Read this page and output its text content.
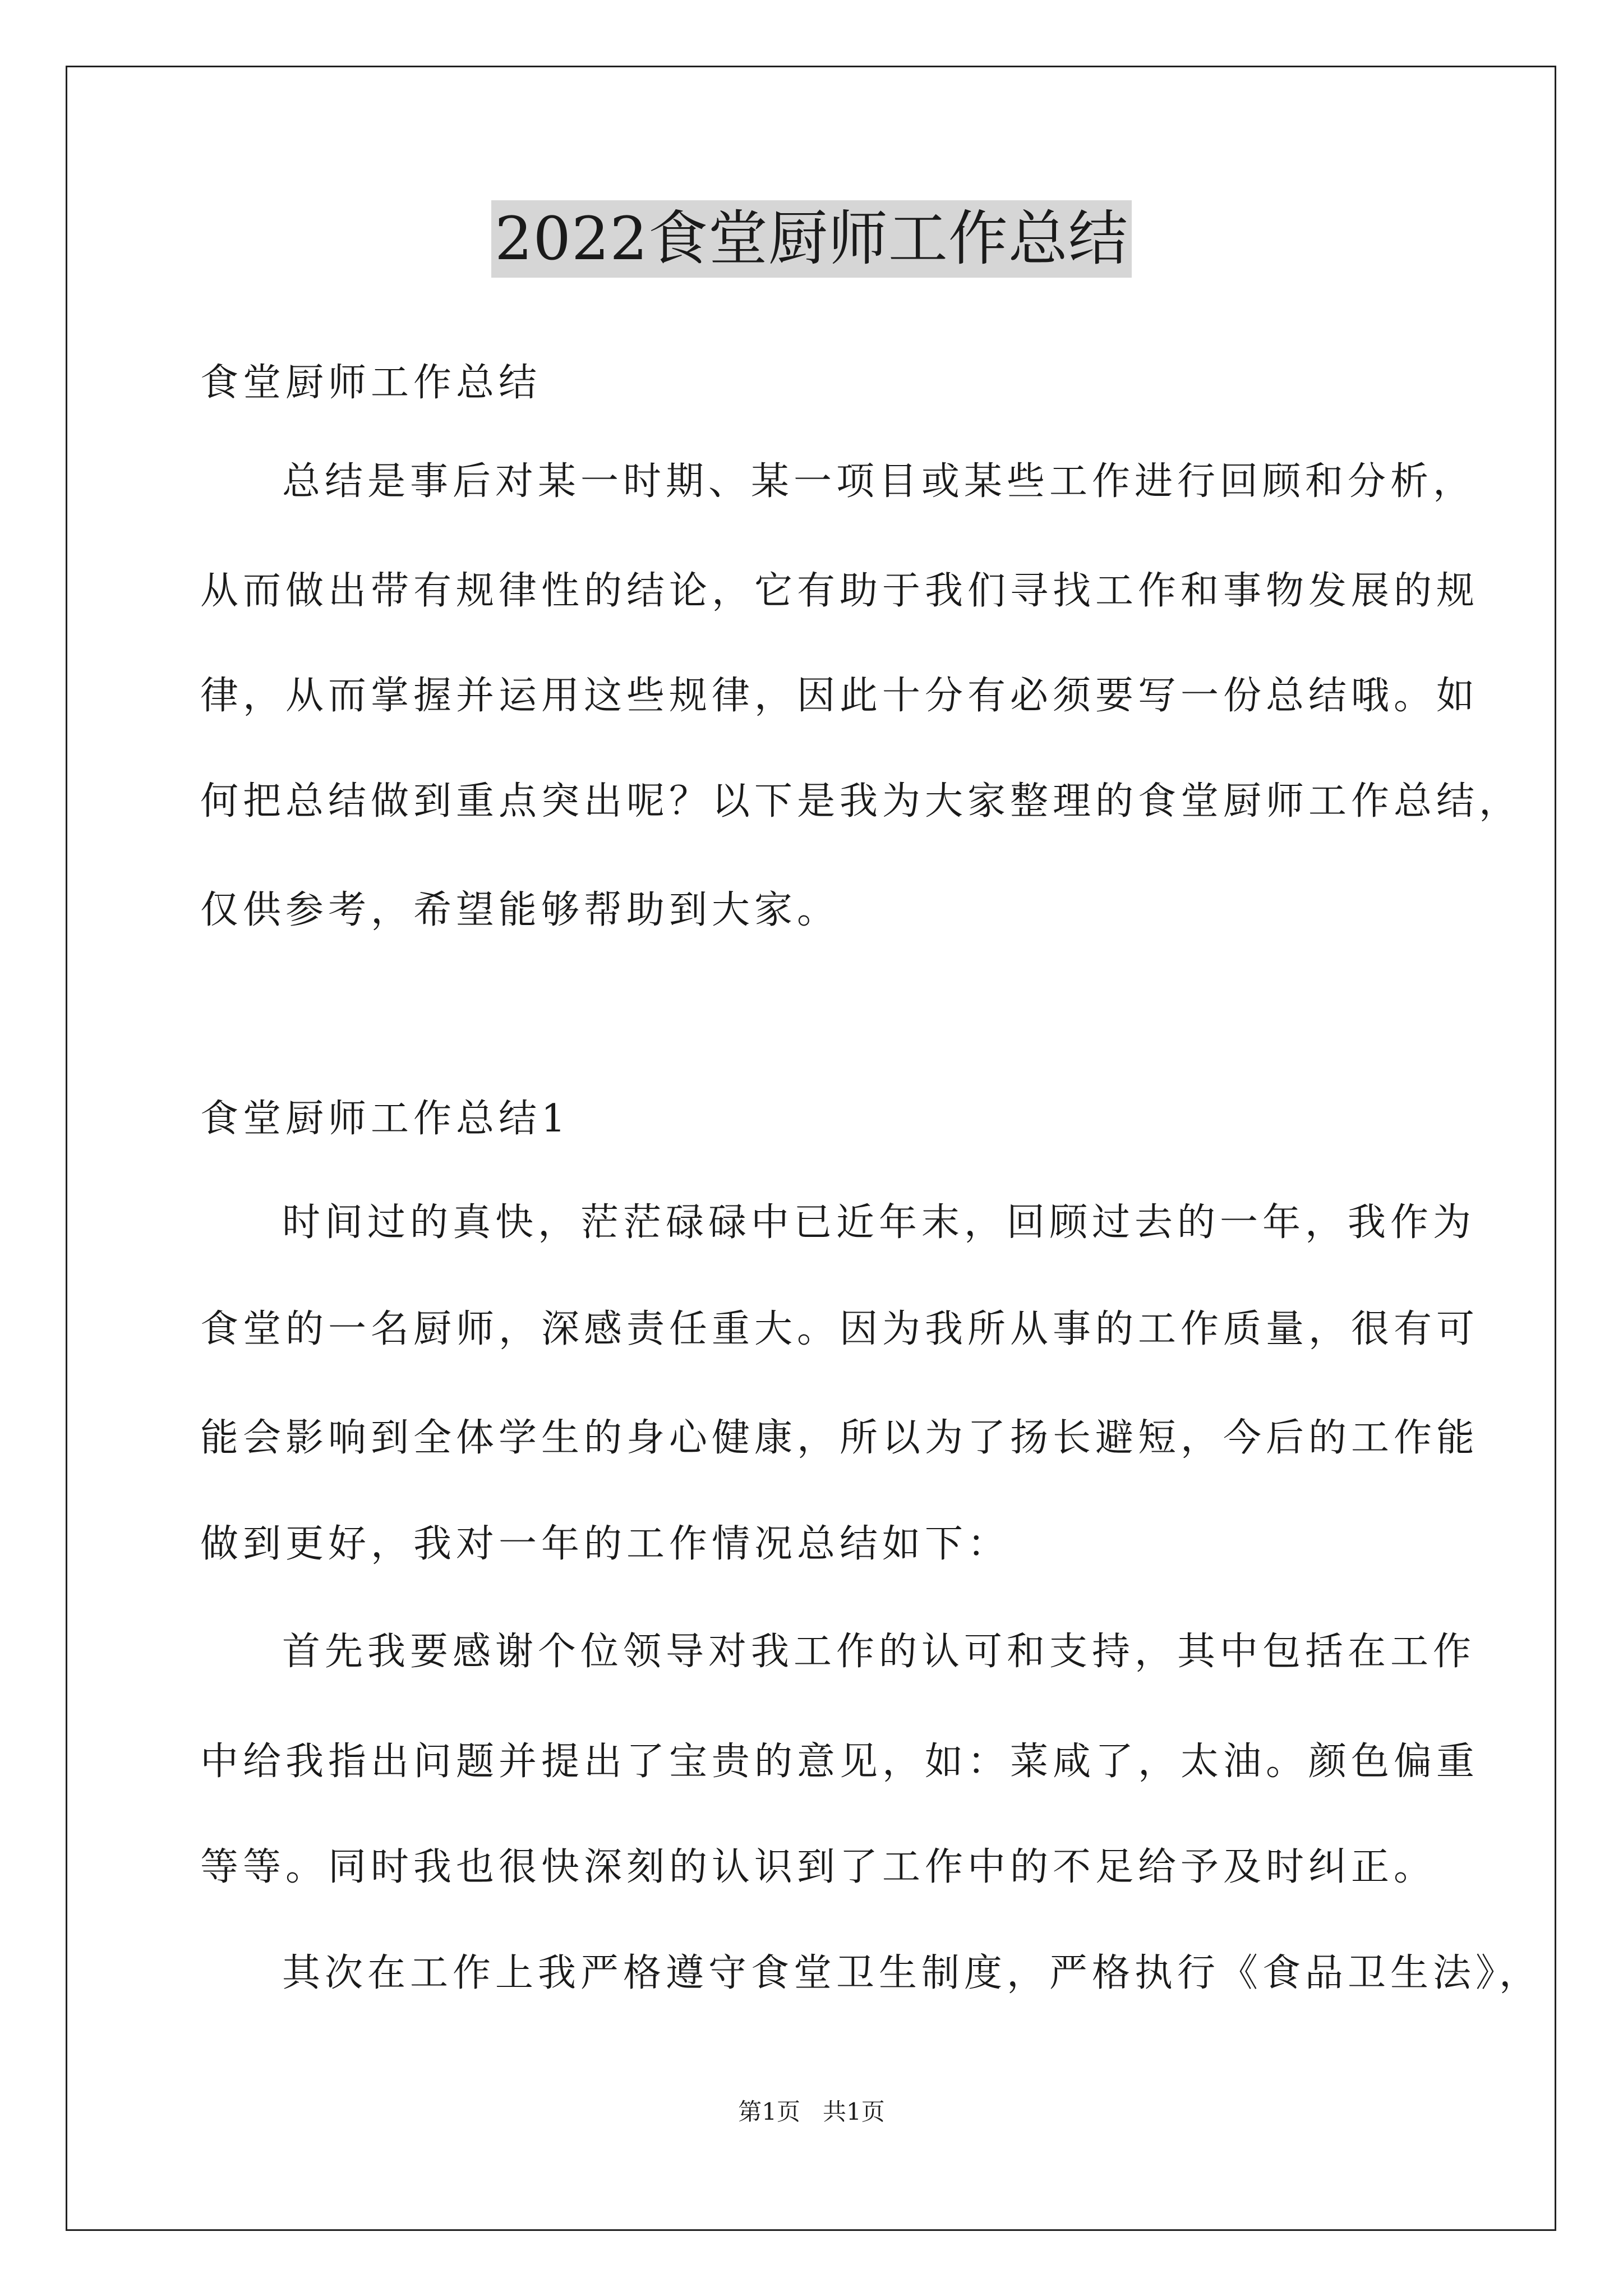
2022食堂厨师工作总结
食堂厨师工作总结
总结是事后对某一时期、某一项目或某些工作进行回顾和分析，
从而做出带有规律性的结论，它有助于我们寻找工作和事物发展的规
律，从而掌握并运用这些规律，因此十分有必须要写一份总结哦。如
何把总结做到重点突出呢？以下是我为大家整理的食堂厨师工作总结，
仅供参考，希望能够帮助到大家。
食堂厨师工作总结1
时间过的真快，茫茫碌碌中已近年末，回顾过去的一年，我作为
食堂的一名厨师，深感责任重大。因为我所从事的工作质量，很有可
能会影响到全体学生的身心健康，所以为了扬长避短，今后的工作能
做到更好，我对一年的工作情况总结如下：
首先我要感谢个位领导对我工作的认可和支持，其中包括在工作
中给我指出问题并提出了宝贵的意见，如：菜咸了，太油。颜色偏重
等等。同时我也很快深刻的认识到了工作中的不足给予及时纠正。
其次在工作上我严格遵守食堂卫生制度，严格执行《食品卫生法》，
第1页   共1页
